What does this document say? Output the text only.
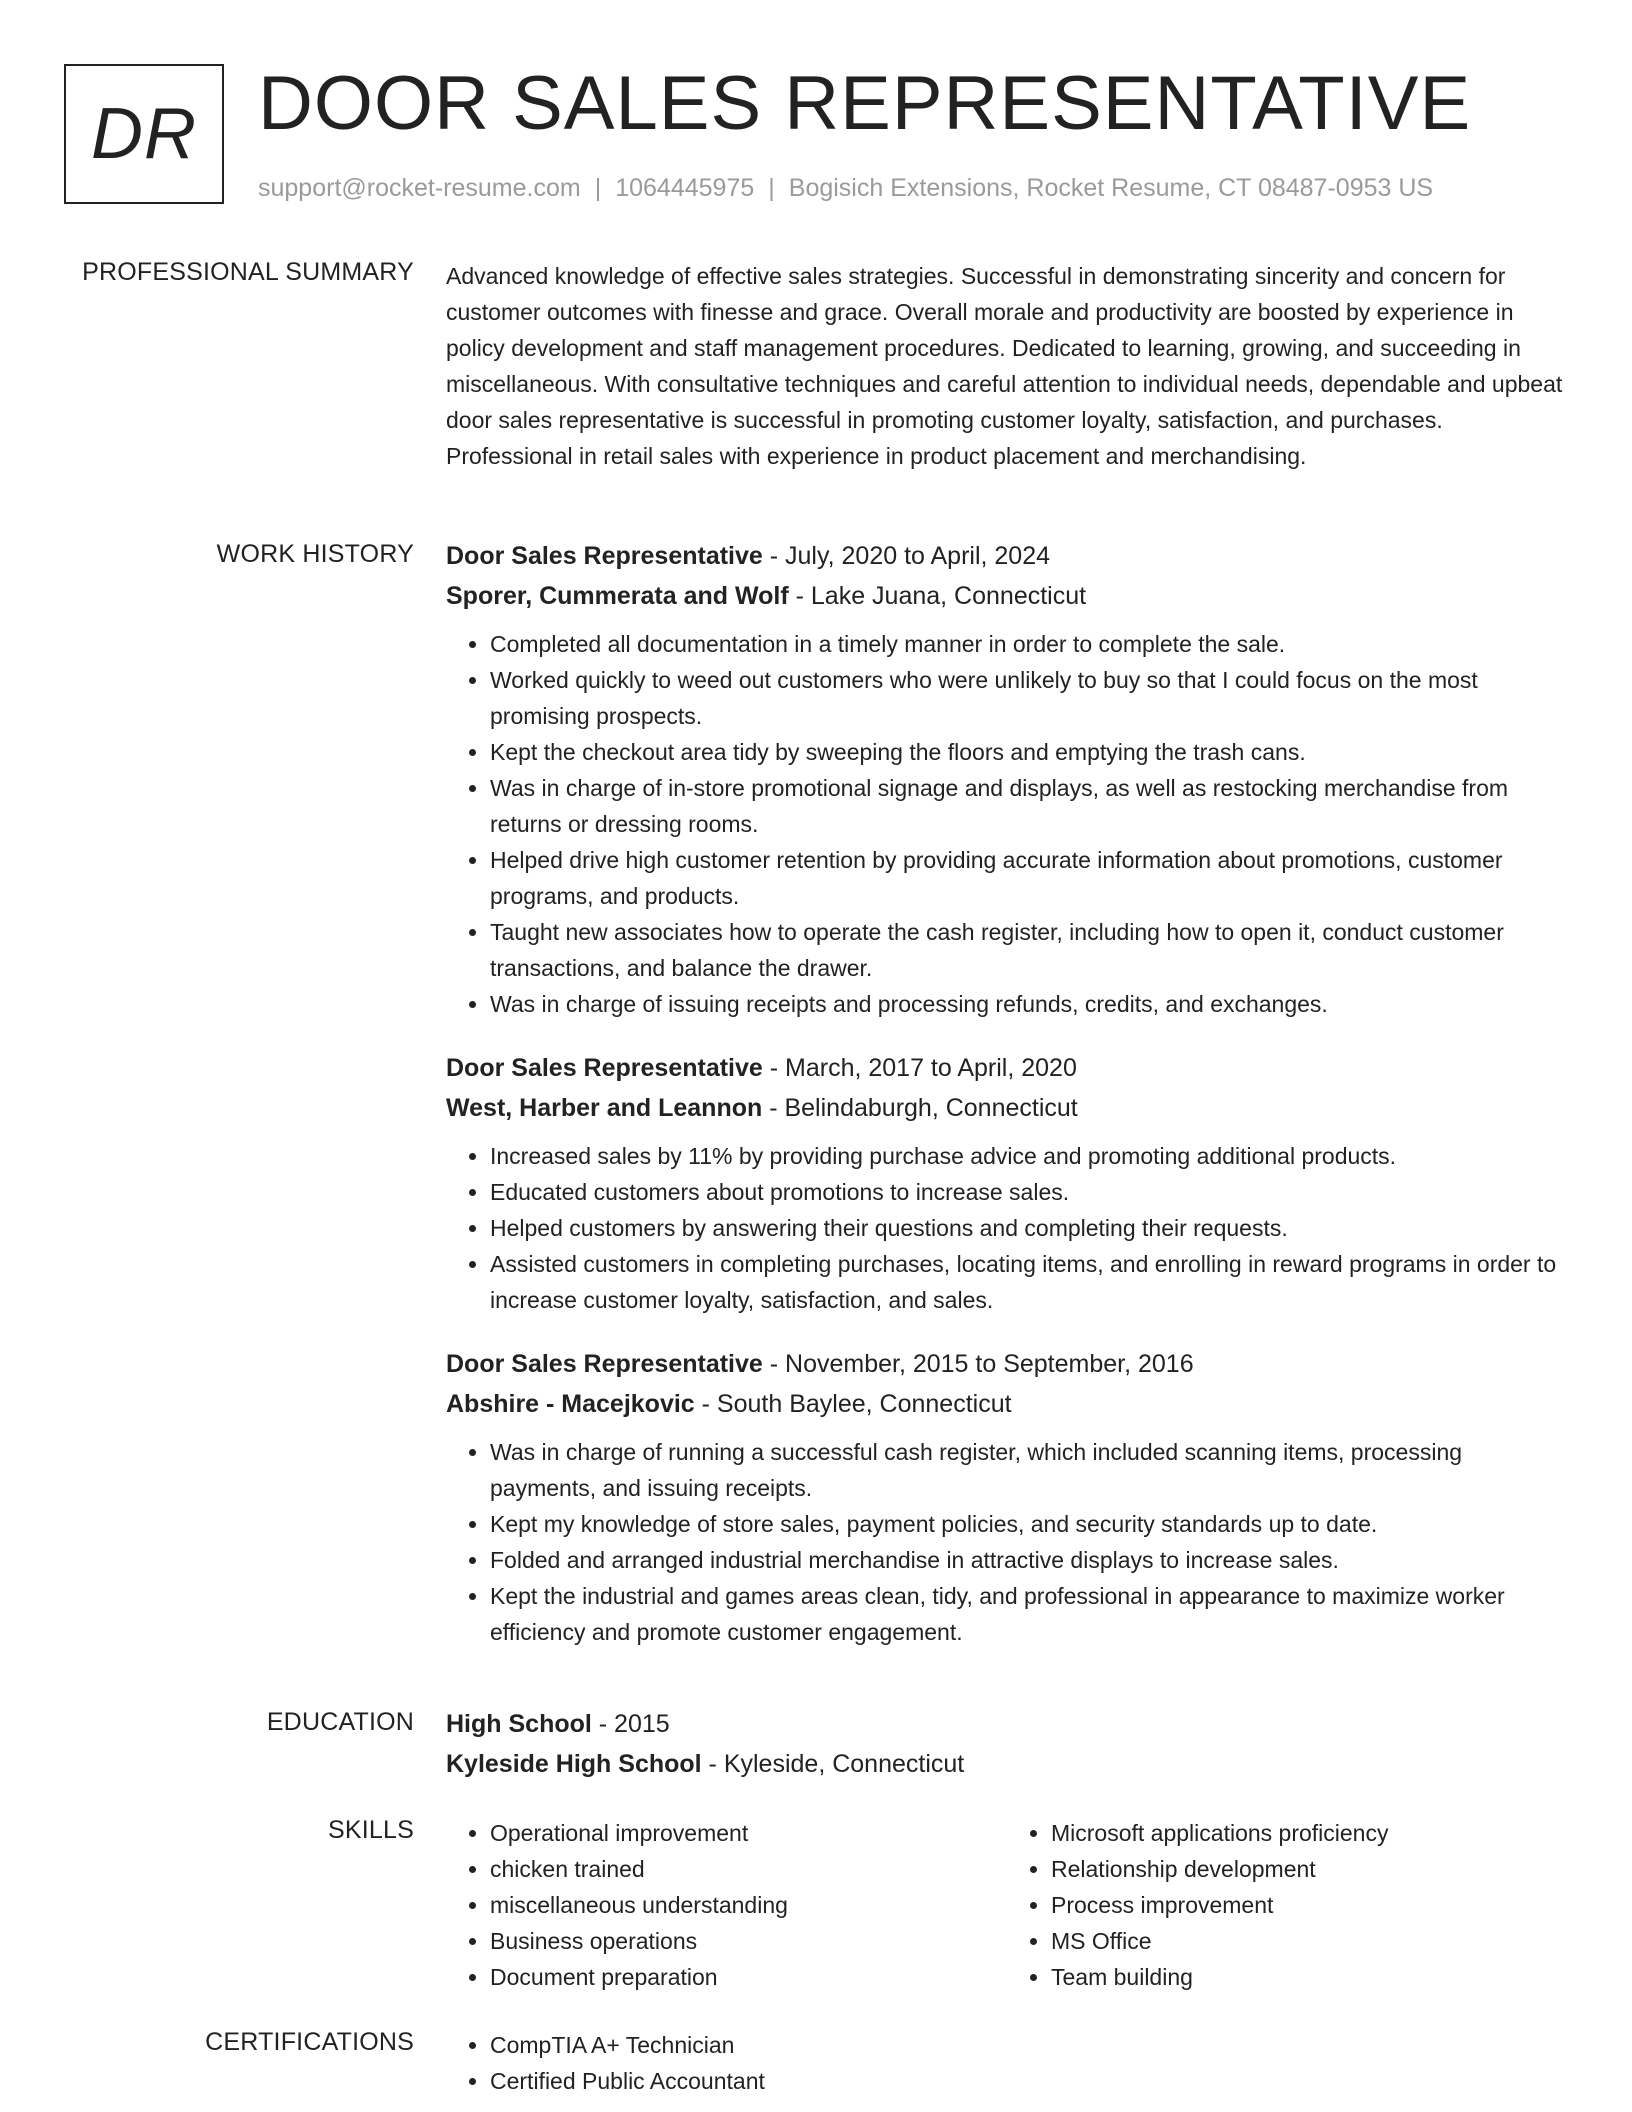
DR DOOR SALES REPRESENTATIVE
support@rocket-resume.com | 1064445975 | Bogisich Extensions, Rocket Resume, CT 08487-0953 US
PROFESSIONAL SUMMARY Advanced knowledge of effective sales strategies. Successful in demonstrating sincerity and concern for customer outcomes with finesse and grace. Overall morale and productivity are boosted by experience in policy development and staff management procedures. Dedicated to learning, growing, and succeeding in miscellaneous. With consultative techniques and careful attention to individual needs, dependable and upbeat door sales representative is successful in promoting customer loyalty, satisfaction, and purchases. Professional in retail sales with experience in product placement and merchandising.

WORK HISTORY Door Sales Representative - July, 2020 to April, 2024
Sporer, Cummerata and Wolf - Lake Juana, Connecticut
• Completed all documentation in a timely manner in order to complete the sale.
• Worked quickly to weed out customers who were unlikely to buy so that I could focus on the most promising prospects.
• Kept the checkout area tidy by sweeping the floors and emptying the trash cans.
• Was in charge of in-store promotional signage and displays, as well as restocking merchandise from returns or dressing rooms.
• Helped drive high customer retention by providing accurate information about promotions, customer programs, and products.
• Taught new associates how to operate the cash register, including how to open it, conduct customer transactions, and balance the drawer.
• Was in charge of issuing receipts and processing refunds, credits, and exchanges.
Door Sales Representative - March, 2017 to April, 2020
West, Harber and Leannon - Belindaburgh, Connecticut
• Increased sales by 11% by providing purchase advice and promoting additional products.
• Educated customers about promotions to increase sales.
• Helped customers by answering their questions and completing their requests.
• Assisted customers in completing purchases, locating items, and enrolling in reward programs in order to increase customer loyalty, satisfaction, and sales.
Door Sales Representative - November, 2015 to September, 2016
Abshire - Macejkovic - South Baylee, Connecticut
• Was in charge of running a successful cash register, which included scanning items, processing payments, and issuing receipts.
• Kept my knowledge of store sales, payment policies, and security standards up to date.
• Folded and arranged industrial merchandise in attractive displays to increase sales.
• Kept the industrial and games areas clean, tidy, and professional in appearance to maximize worker efficiency and promote customer engagement.
EDUCATION High School - 2015
Kyleside High School - Kyleside, Connecticut
SKILLS	• Operational improvement
• chicken trained
• miscellaneous understanding
• Business operations
• Document preparation
• Microsoft applications proficiency
• Relationship development
• Process improvement
• MS Office
• Team building
CERTIFICATIONS	• CompTIA A+ Technician
• Certified Public Accountant
